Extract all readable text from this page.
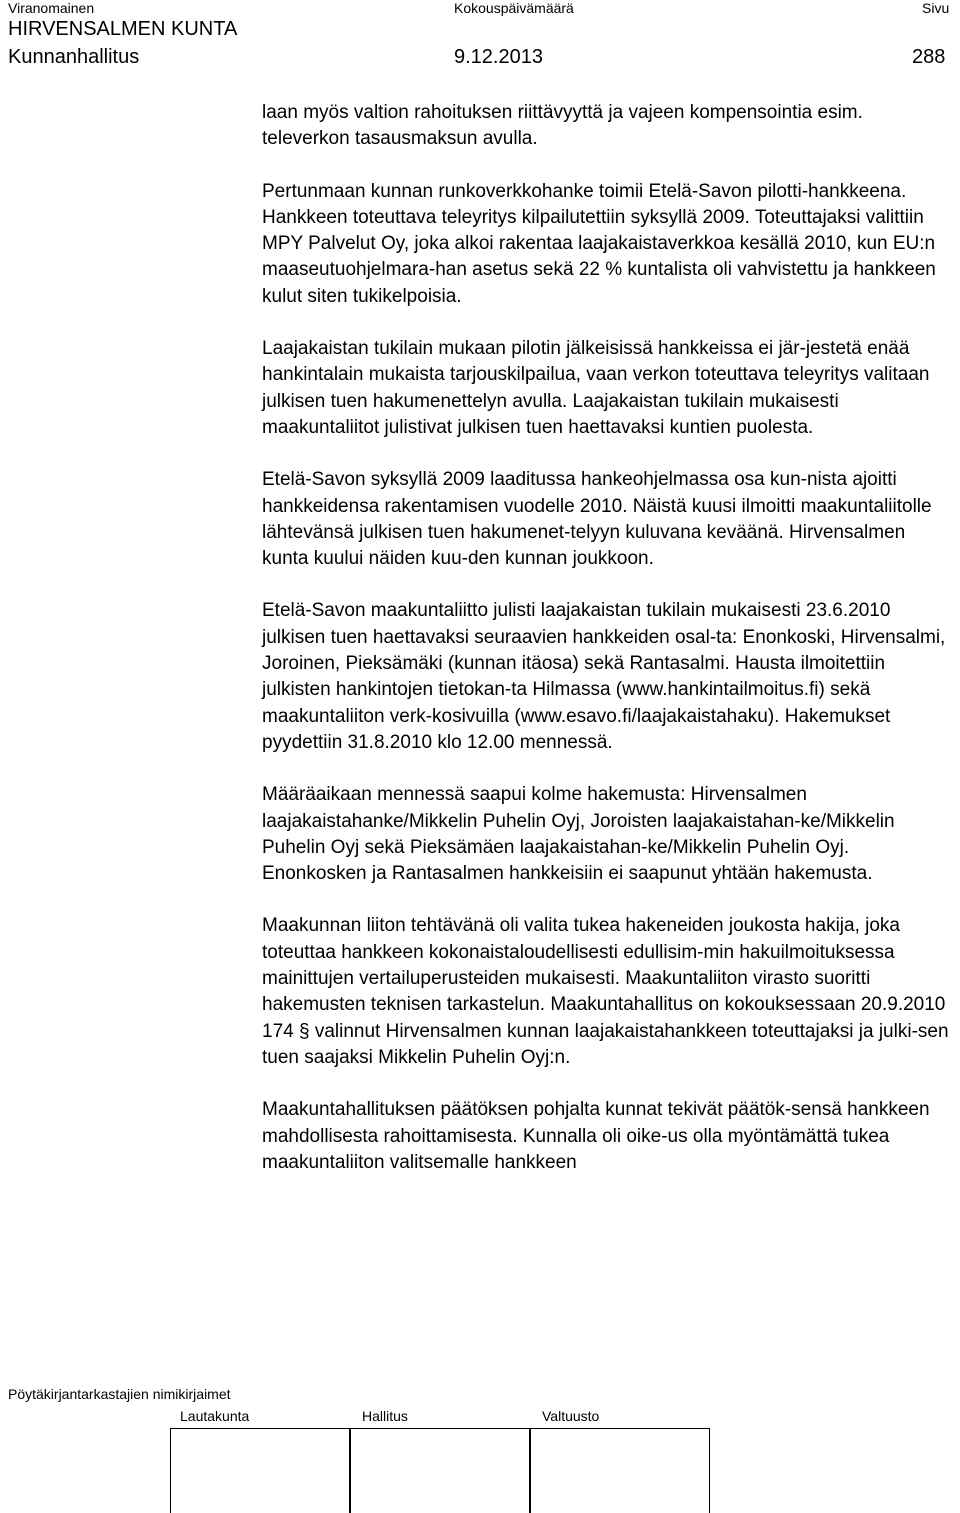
Viranomainen	Kokouspäivämäärä	Sivu
HIRVENSALMEN KUNTA
Kunnanhallitus	9.12.2013	288

laan myös valtion rahoituksen riittävyyttä ja vajeen kompensointia esim. televerkon tasausmaksun avulla.

Pertunmaan kunnan runkoverkkohanke toimii Etelä-Savon pilotti-hankkeena. Hankkeen toteuttava teleyritys kilpailutettiin syksyllä 2009. Toteuttajaksi valittiin MPY Palvelut Oy, joka alkoi rakentaa laajakaistaverkkoa kesällä 2010, kun EU:n maaseutuohjelmara-han asetus sekä 22 % kuntalista oli vahvistettu ja hankkeen kulut siten tukikelpoisia.

Laajakaistan tukilain mukaan pilotin jälkeisissä hankkeissa ei jär-jestetä enää hankintalain mukaista tarjouskilpailua, vaan verkon toteuttava teleyritys valitaan julkisen tuen hakumenettelyn avulla. Laajakaistan tukilain mukaisesti maakuntaliitot julistivat julkisen tuen haettavaksi kuntien puolesta.

Etelä-Savon syksyllä 2009 laaditussa hankeohjelmassa osa kun-nista ajoitti hankkeidensa rakentamisen vuodelle 2010. Näistä kuusi ilmoitti maakuntaliitolle lähtevänsä julkisen tuen hakumenet-telyyn kuluvana keväänä. Hirvensalmen kunta kuului näiden kuu-den kunnan joukkoon.

Etelä-Savon maakuntaliitto julisti laajakaistan tukilain mukaisesti 23.6.2010 julkisen tuen haettavaksi seuraavien hankkeiden osal-ta: Enonkoski, Hirvensalmi, Joroinen, Pieksämäki (kunnan itäosa) sekä Rantasalmi. Hausta ilmoitettiin julkisten hankintojen tietokan-ta Hilmassa (www.hankintailmoitus.fi) sekä maakuntaliiton verk-kosivuilla (www.esavo.fi/laajakaistahaku). Hakemukset pyydettiin 31.8.2010 klo 12.00 mennessä.

Määräaikaan mennessä saapui kolme hakemusta: Hirvensalmen laajakaistahanke/Mikkelin Puhelin Oyj, Joroisten laajakaistahan-ke/Mikkelin Puhelin Oyj sekä Pieksämäen laajakaistahan-ke/Mikkelin Puhelin Oyj. Enonkosken ja Rantasalmen hankkeisiin ei saapunut yhtään hakemusta.

Maakunnan liiton tehtävänä oli valita tukea hakeneiden joukosta hakija, joka toteuttaa hankkeen kokonaistaloudellisesti edullisim-min hakuilmoituksessa mainittujen vertailuperusteiden mukaisesti. Maakuntaliiton virasto suoritti hakemusten teknisen tarkastelun. Maakuntahallitus on kokouksessaan 20.9.2010 174 § valinnut Hirvensalmen kunnan laajakaistahankkeen toteuttajaksi ja julki-sen tuen saajaksi Mikkelin Puhelin Oyj:n.

Maakuntahallituksen päätöksen pohjalta kunnat tekivät päätök-sensä hankkeen mahdollisesta rahoittamisesta. Kunnalla oli oike-us olla myöntämättä tukea maakuntaliiton valitsemalle hankkeen

Pöytäkirjantarkastajien nimikirjaimet
Lautakunta	Hallitus	Valtuusto
